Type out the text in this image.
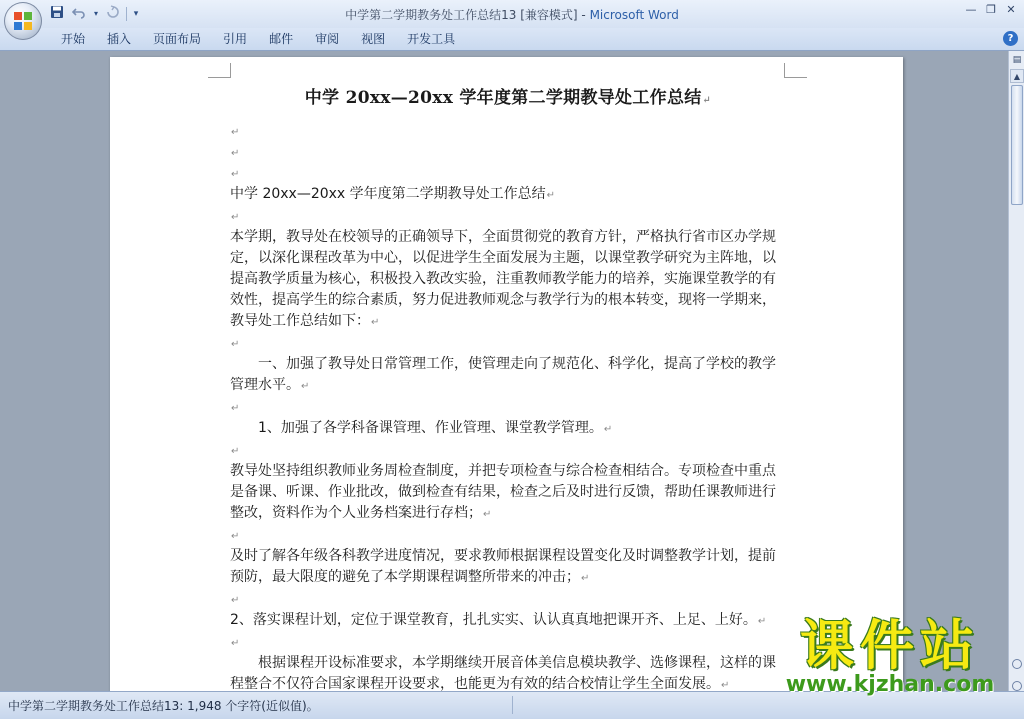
▾	▾	中学第二学期教务处工作总结13 [兼容模式] - Microsoft Word	— ❐ ✕
开始	插入	页面布局	引用	邮件	审阅	视图	开发工具	?
中学 20xx—20xx 学年度第二学期教导处工作总结↵

↵

↵

↵

中学 20xx—20xx 学年度第二学期教导处工作总结↵

↵

本学期，教导处在校领导的正确领导下，全面贯彻党的教育方针，严格执行省市区办学规定，以深化课程改革为中心，以促进学生全面发展为主题，以课堂教学研究为主阵地，以提高教学质量为核心，积极投入教改实验，注重教师教学能力的培养，实施课堂教学的有效性，提高学生的综合素质，努力促进教师观念与教学行为的根本转变，现将一学期来，教导处工作总结如下：↵

↵

一、加强了教导处日常管理工作，使管理走向了规范化、科学化，提高了学校的教学管理水平。↵

↵

1、加强了各学科备课管理、作业管理、课堂教学管理。↵

↵

教导处坚持组织教师业务周检查制度，并把专项检查与综合检查相结合。专项检查中重点是备课、听课、作业批改，做到检查有结果，检查之后及时进行反馈，帮助任课教师进行整改，资料作为个人业务档案进行存档；↵

↵

及时了解各年级各科教学进度情况，要求教师根据课程设置变化及时调整教学计划，提前预防，最大限度的避免了本学期课程调整所带来的冲击；↵

↵

2、落实课程计划，定位于课堂教育，扎扎实实、认认真真地把课开齐、上足、上好。↵

↵

根据课程开设标准要求，本学期继续开展音体美信息模块教学、选修课程，这样的课程整合不仅符合国家课程开设要求，也能更为有效的结合校情让学生全面发展。↵

▤
▲
中学第二学期教务处工作总结13: 1,948 个字符(近似值)。
课件站
www.kjzhan.com
